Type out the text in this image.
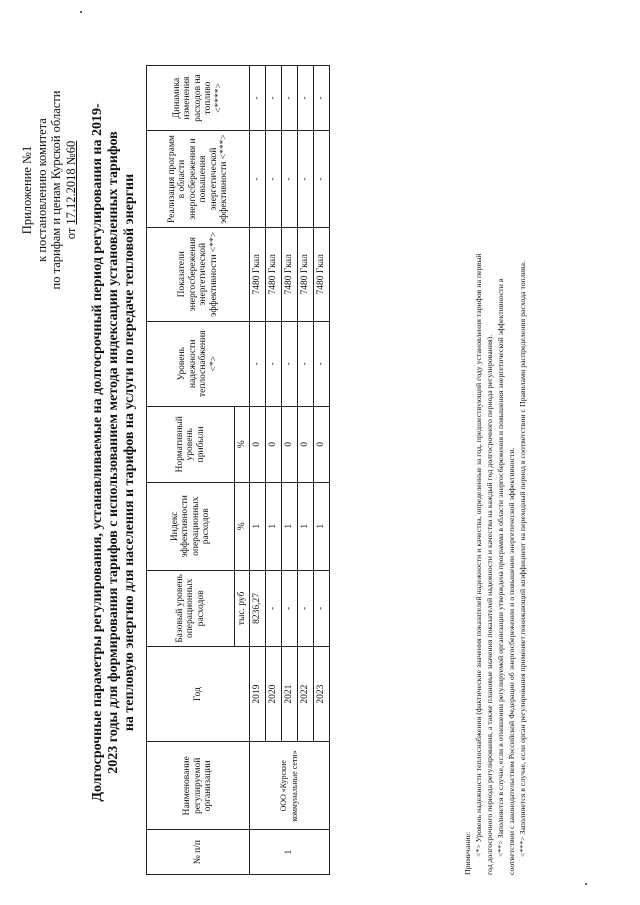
Приложение №1 к постановлению комитета по тарифам и ценам Курской области от 17.12.2018 №60 Долгосрочные параметры регулирования, устанавливаемые на долгосрочный период регулирования на 2019- 2023 годы для формирования тарифов с использованием метода индексации установленных тарифов на тепловую энергию для населения и тарифов на услуги по передаче тепловой энергии
№ п/п	Наименование регулируемой организации	Год	Базовый уровень операционных расходов	Индекс эффективности операционных расходов	Нормативный уровень прибыли	Уровень надежности теплоснабжения <*>	Показатели энергосбережения энергетической эффективности <**>	Реализация программ в области энергосбережения и повышения энергетической эффективности <***>	Динамика изменения расходов на топливо <****>
			тыс. руб	%	%				
1	ООО «Курские коммунальные сети»	2019	8236,27	1	0	-	7480 Гкал	-	-
		2020	-	1	0	-	7480 Гкал	-	-
		2021	-	1	0	-	7480 Гкал	-	-
		2022	-	1	0	-	7480 Гкал	-	-
		2023	-	1	0	-	7480 Гкал	-	-

Примечание: <*> Уровень надежности теплоснабжения (фактические значения показателей надежности и качества, определенные за год, предшествующий году установления тарифов на первый год долгосрочного периода регулирования, а также плановые значения показателей надежности и качества на каждый год долгосрочного периода регулирования). <**> Заполняется в случае, если в отношении регулируемой организации утверждена программа в области энергосбережения и повышения энергетической эффективности в соответствии с законодательством Российской Федерации об энергосбережении и о повышении энергетической эффективности. <***> Заполняется в случае, если орган регулирования применяет понижающий коэффициент на переходный период в соответствии с Правилами распределения расхода топлива.
